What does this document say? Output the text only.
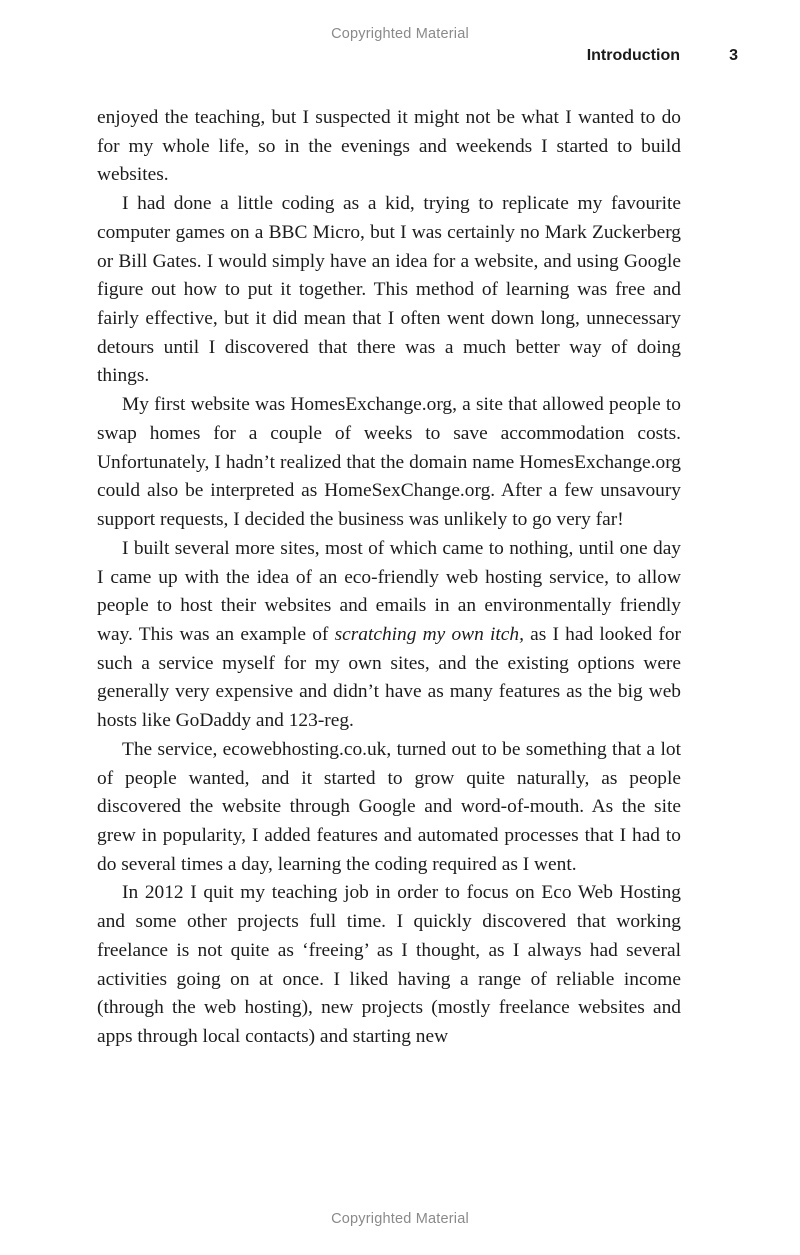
Copyrighted Material
Introduction	3

enjoyed the teaching, but I suspected it might not be what I wanted to do for my whole life, so in the evenings and weekends I started to build websites.

I had done a little coding as a kid, trying to replicate my favourite computer games on a BBC Micro, but I was certainly no Mark Zuckerberg or Bill Gates. I would simply have an idea for a website, and using Google figure out how to put it together. This method of learning was free and fairly effective, but it did mean that I often went down long, unnecessary detours until I discovered that there was a much better way of doing things.

My first website was HomesExchange.org, a site that allowed people to swap homes for a couple of weeks to save accommodation costs. Unfortunately, I hadn’t realized that the domain name HomesExchange.org could also be interpreted as HomeSexChange.org. After a few unsavoury support requests, I decided the business was unlikely to go very far!

I built several more sites, most of which came to nothing, until one day I came up with the idea of an eco-friendly web hosting service, to allow people to host their websites and emails in an environmentally friendly way. This was an example of scratching my own itch, as I had looked for such a service myself for my own sites, and the existing options were generally very expensive and didn’t have as many features as the big web hosts like GoDaddy and 123-reg.

The service, ecowebhosting.co.uk, turned out to be something that a lot of people wanted, and it started to grow quite naturally, as people discovered the website through Google and word-of-mouth. As the site grew in popularity, I added features and automated processes that I had to do several times a day, learning the coding required as I went.

In 2012 I quit my teaching job in order to focus on Eco Web Hosting and some other projects full time. I quickly discovered that working freelance is not quite as ‘freeing’ as I thought, as I always had several activities going on at once. I liked having a range of reliable income (through the web hosting), new projects (mostly freelance websites and apps through local contacts) and starting new

Copyrighted Material
